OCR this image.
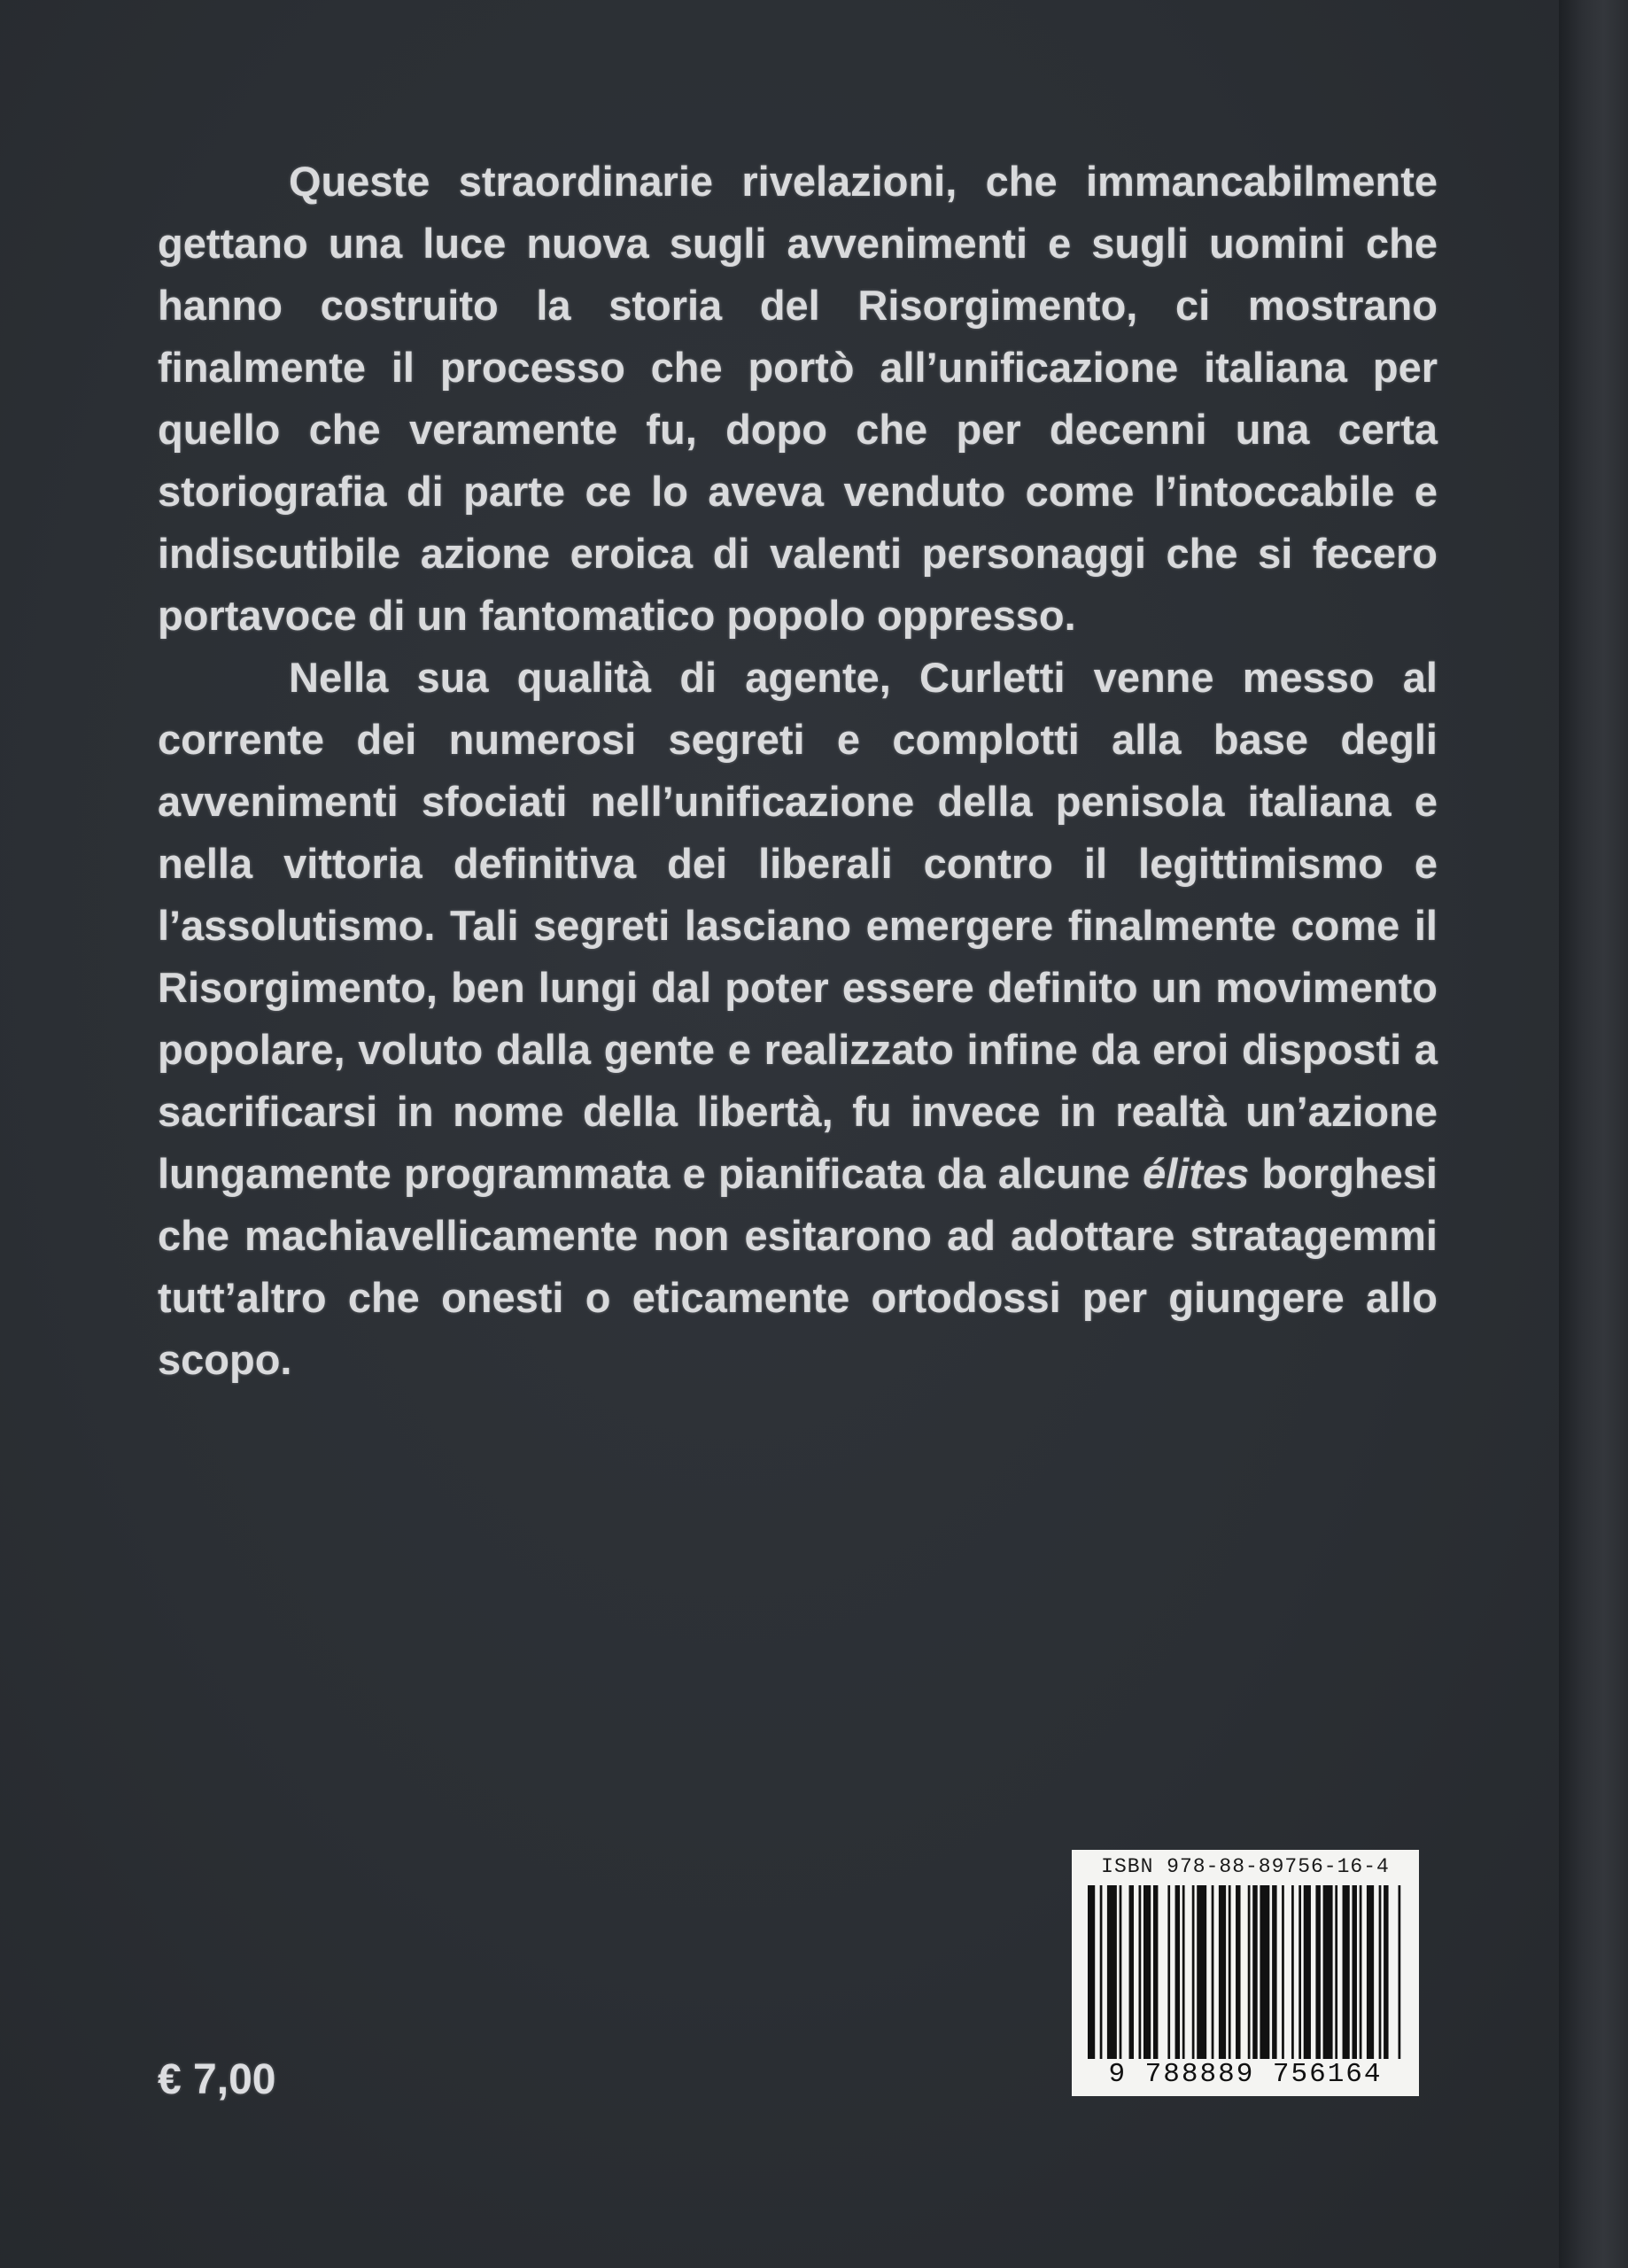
Queste straordinarie rivelazioni, che immancabilmente gettano una luce nuova sugli avvenimenti e sugli uomini che hanno costruito la storia del Risorgimento, ci mostrano finalmente il processo che portò all’unificazione italiana per quello che veramente fu, dopo che per decenni una certa storiografia di parte ce lo aveva venduto come l’intoccabile e indiscutibile azione eroica di valenti personaggi che si fecero portavoce di un fantomatico popolo oppresso.

Nella sua qualità di agente, Curletti venne messo al corrente dei numerosi segreti e complotti alla base degli avvenimenti sfociati nell’unificazione della penisola italiana e nella vittoria definitiva dei liberali contro il legittimismo e l’assolutismo. Tali segreti lasciano emergere finalmente come il Risorgimento, ben lungi dal poter essere definito un movimento popolare, voluto dalla gente e realizzato infine da eroi disposti a sacrificarsi in nome della libertà, fu invece in realtà un’azione lungamente programmata e pianificata da alcune élites borghesi che machiavellicamente non esitarono ad adottare stratagemmi tutt’altro che onesti o eticamente ortodossi per giungere allo scopo.

€ 7,00
ISBN 978-88-89756-16-4
9 788889 756164
